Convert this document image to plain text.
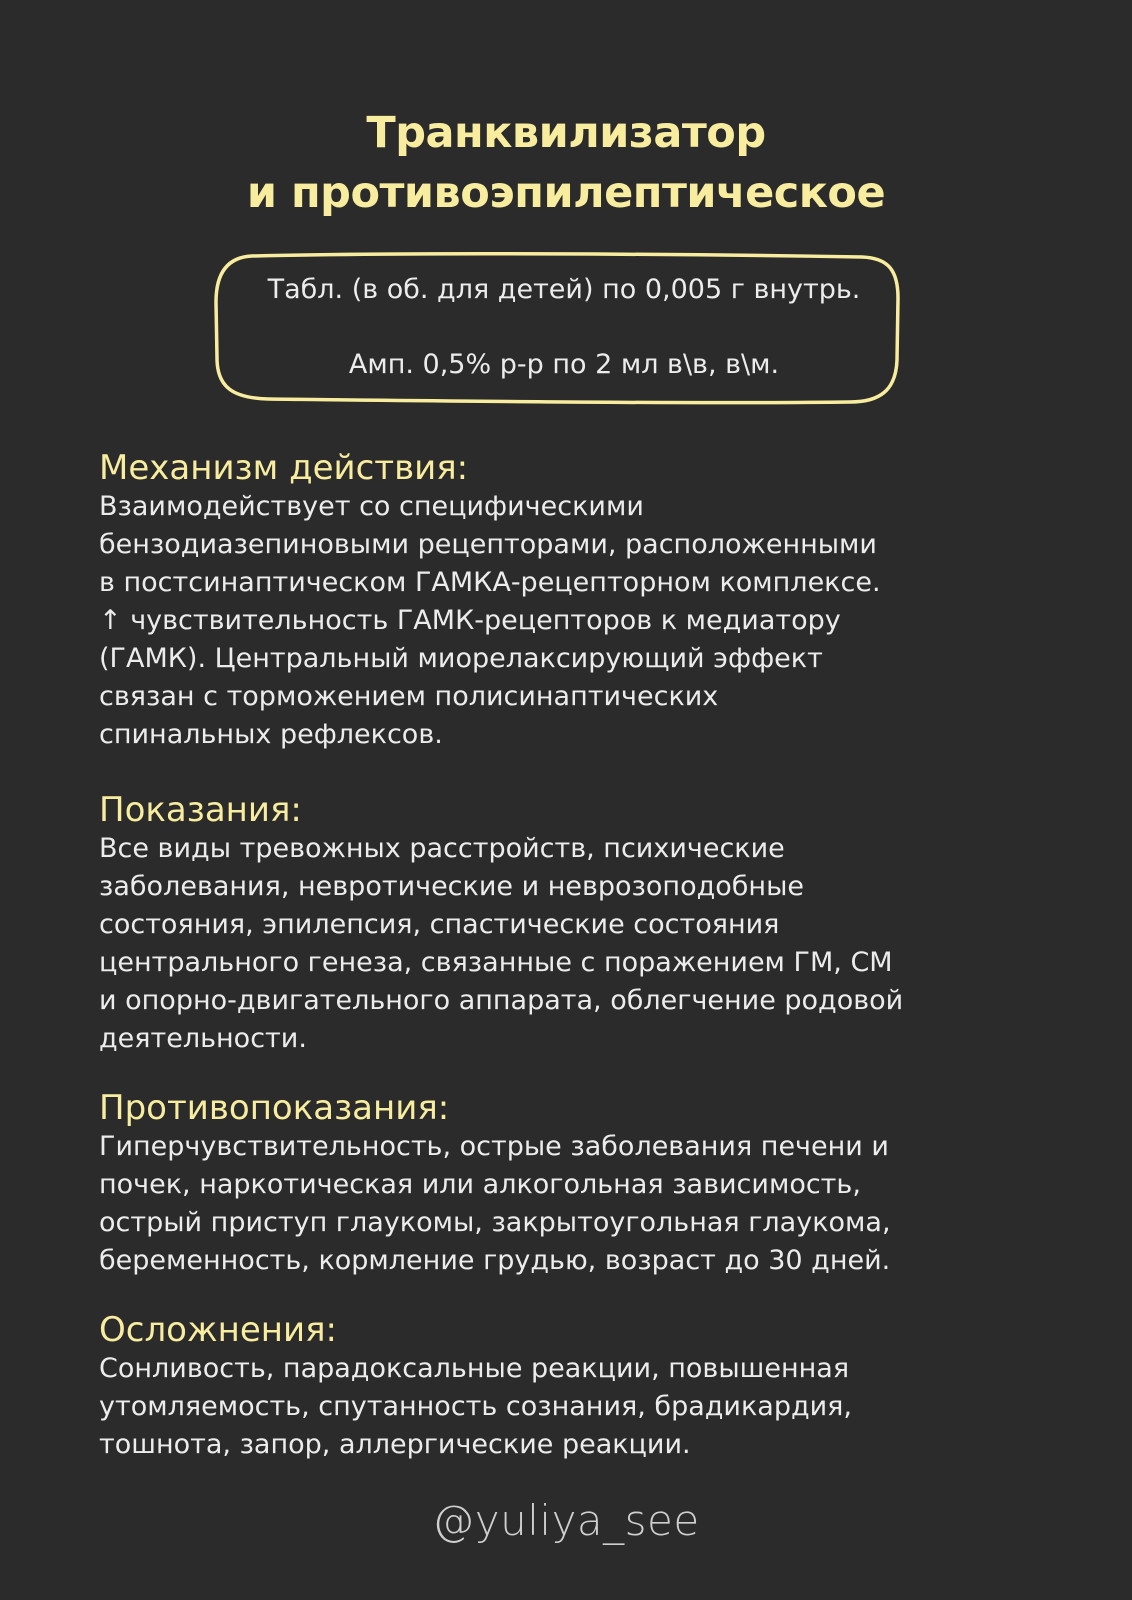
Транквилизатор
и противоэпилептическое
Табл. (в об. для детей) по 0,005 г внутрь.
Амп. 0,5% р-р по 2 мл в\в, в\м.
Механизм действия:
Взаимодействует со специфическими
бензодиазепиновыми рецепторами, расположенными
в постсинаптическом ГАМКА-рецепторном комплексе.
↑ чувствительность ГАМК-рецепторов к медиатору
(ГАМК). Центральный миорелаксирующий эффект
связан с торможением полисинаптических
спинальных рефлексов.
Показания:
Все виды тревожных расстройств, психические
заболевания, невротические и неврозоподобные
состояния, эпилепсия, спастические состояния
центрального генеза, связанные с поражением ГМ, СМ
и опорно-двигательного аппарата, облегчение родовой
деятельности.
Противопоказания:
Гиперчувствительность, острые заболевания печени и
почек, наркотическая или алкогольная зависимость,
острый приступ глаукомы, закрытоугольная глаукома,
беременность, кормление грудью, возраст до 30 дней.
Осложнения:
Сонливость, парадоксальные реакции, повышенная
утомляемость, спутанность сознания, брадикардия,
тошнота, запор, аллергические реакции.
@yuliya_see
